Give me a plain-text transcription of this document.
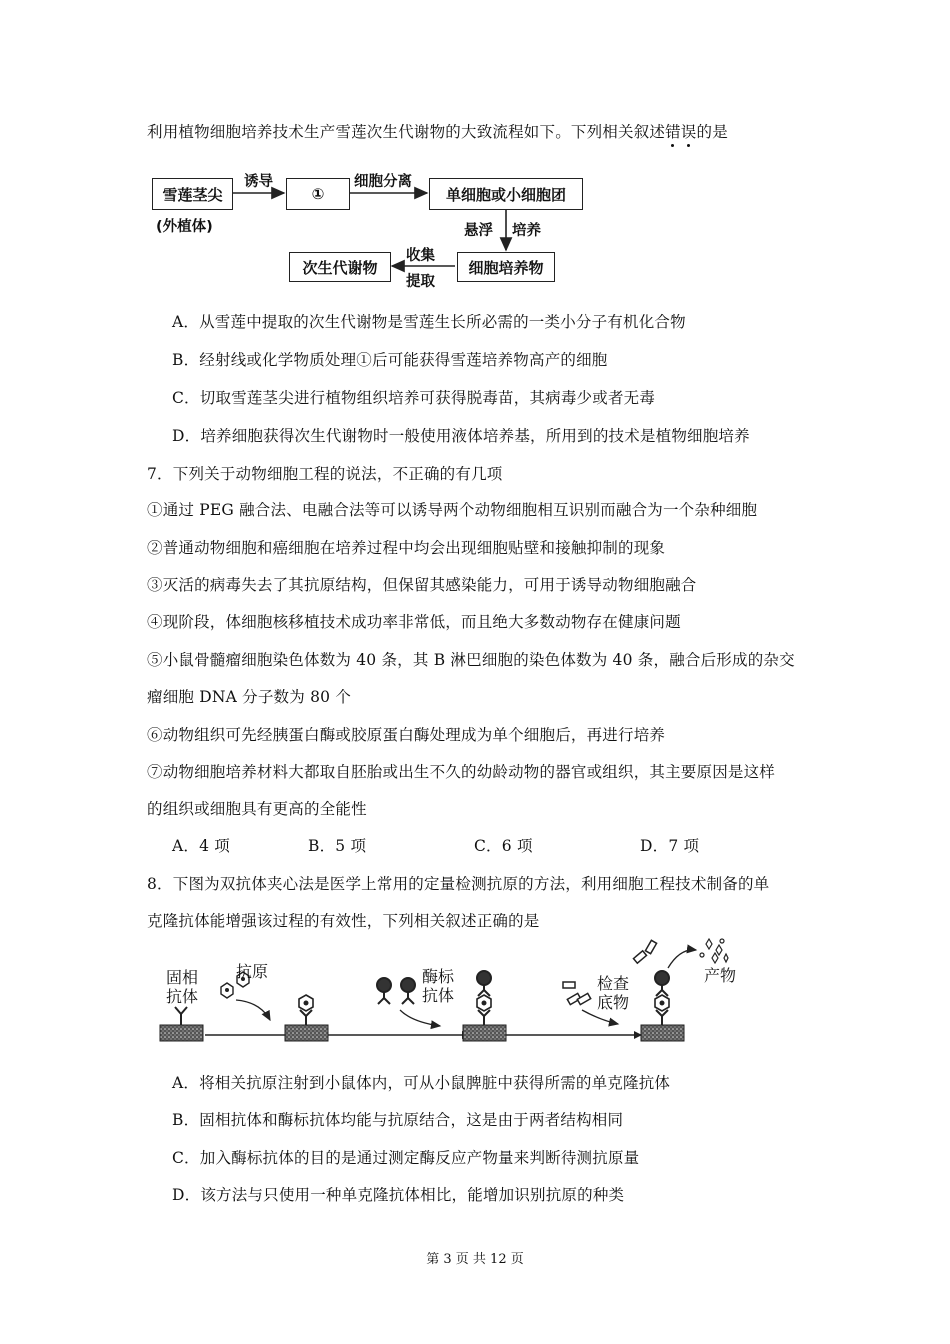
利用植物细胞培养技术生产雪莲次生代谢物的大致流程如下。下列相关叙述错误
的是
雪莲茎尖
(外植体)
诱导
①
细胞分离
单细胞或小细胞团
悬浮 培养
细胞培养物
收集
提取
次生代谢物
A．从雪莲中提取的次生代谢物是雪莲生长所必需的一类小分子有机化合物
B．经射线或化学物质处理①后可能获得雪莲培养物高产的细胞
C．切取雪莲茎尖进行植物组织培养可获得脱毒苗，其病毒少或者无毒
D．培养细胞获得次生代谢物时一般使用液体培养基，所用到的技术是植物细胞培养
7．下列关于动物细胞工程的说法，不正确的有几项
①通过 PEG 融合法、电融合法等可以诱导两个动物细胞相互识别而融合为一个杂种细胞
②普通动物细胞和癌细胞在培养过程中均会出现细胞贴壁和接触抑制的现象
③灭活的病毒失去了其抗原结构，但保留其感染能力，可用于诱导动物细胞融合
④现阶段，体细胞核移植技术成功率非常低，而且绝大多数动物存在健康问题
⑤小鼠骨髓瘤细胞染色体数为 40 条，其 B 淋巴细胞的染色体数为 40 条，融合后形成的杂交
瘤细胞 DNA 分子数为 80 个
⑥动物组织可先经胰蛋白酶或胶原蛋白酶处理成为单个细胞后，再进行培养
⑦动物细胞培养材料大都取自胚胎或出生不久的幼龄动物的器官或组织，其主要原因是这样
的组织或细胞具有更高的全能性
A．4 项	B．5 项	C．6 项	D．7 项
8．下图为双抗体夹心法是医学上常用的定量检测抗原的方法，利用细胞工程技术制备的单
克隆抗体能增强该过程的有效性，下列相关叙述正确的是
固相
抗体
抗原	酶标
抗体
检查
底物
产物
A．将相关抗原注射到小鼠体内，可从小鼠脾脏中获得所需的单克隆抗体
B．固相抗体和酶标抗体均能与抗原结合，这是由于两者结构相同
C．加入酶标抗体的目的是通过测定酶反应产物量来判断待测抗原量
D．该方法与只使用一种单克隆抗体相比，能增加识别抗原的种类
第 3 页 共 12 页
